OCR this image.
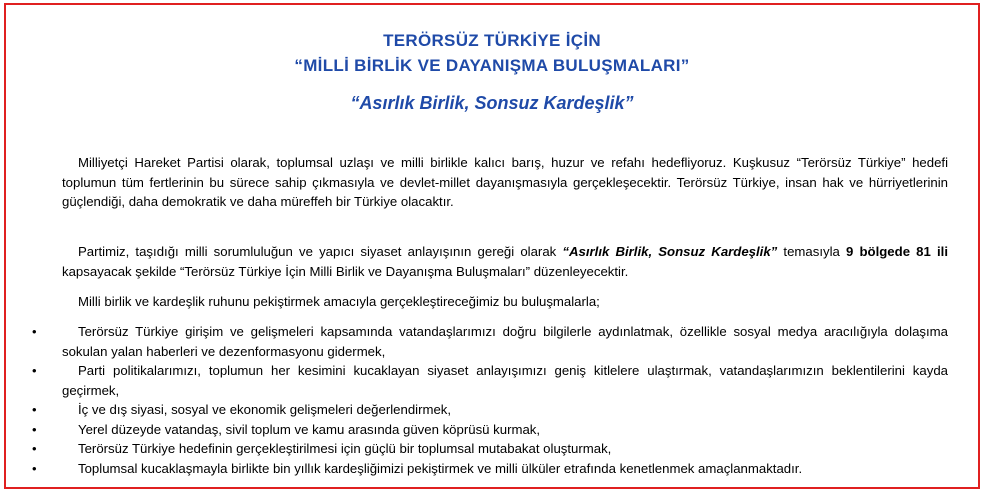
TERÖRSÜZ TÜRKİYE İÇİN
“MİLLİ BİRLİK VE DAYANIŞMA BULUŞMALARI”
“Asırlık Birlik, Sonsuz Kardeşlik”
Milliyetçi Hareket Partisi olarak, toplumsal uzlaşı ve milli birlikle kalıcı barış, huzur ve refahı hedefliyoruz. Kuşkusuz “Terörsüz Türkiye” hedefi toplumun tüm fertlerinin bu sürece sahip çıkmasıyla ve devlet-millet dayanışmasıyla gerçekleşecektir. Terörsüz Türkiye, insan hak ve hürriyetlerinin güçlendiği, daha demokratik ve daha müreffeh bir Türkiye olacaktır.
Partimiz, taşıdığı milli sorumluluğun ve yapıcı siyaset anlayışının gereği olarak “Asırlık Birlik, Sonsuz Kardeşlik” temasıyla 9 bölgede 81 ili kapsayacak şekilde “Terörsüz Türkiye İçin Milli Birlik ve Dayanışma Buluşmaları” düzenleyecektir.
Milli birlik ve kardeşlik ruhunu pekiştirmek amacıyla gerçekleştireceğimiz bu buluşmalarla;
•	Terörsüz Türkiye girişim ve gelişmeleri kapsamında vatandaşlarımızı doğru bilgilerle aydınlatmak, özellikle sosyal medya aracılığıyla dolaşıma sokulan yalan haberleri ve dezenformasyonu gidermek,
•	Parti politikalarımızı, toplumun her kesimini kucaklayan siyaset anlayışımızı geniş kitlelere ulaştırmak, vatandaşlarımızın beklentilerini kayda geçirmek,
•	İç ve dış siyasi, sosyal ve ekonomik gelişmeleri değerlendirmek,
•	Yerel düzeyde vatandaş, sivil toplum ve kamu arasında güven köprüsü kurmak,
•	Terörsüz Türkiye hedefinin gerçekleştirilmesi için güçlü bir toplumsal mutabakat oluşturmak,
•	Toplumsal kucaklaşmayla birlikte bin yıllık kardeşliğimizi pekiştirmek ve milli ülküler etrafında kenetlenmek amaçlanmaktadır.
